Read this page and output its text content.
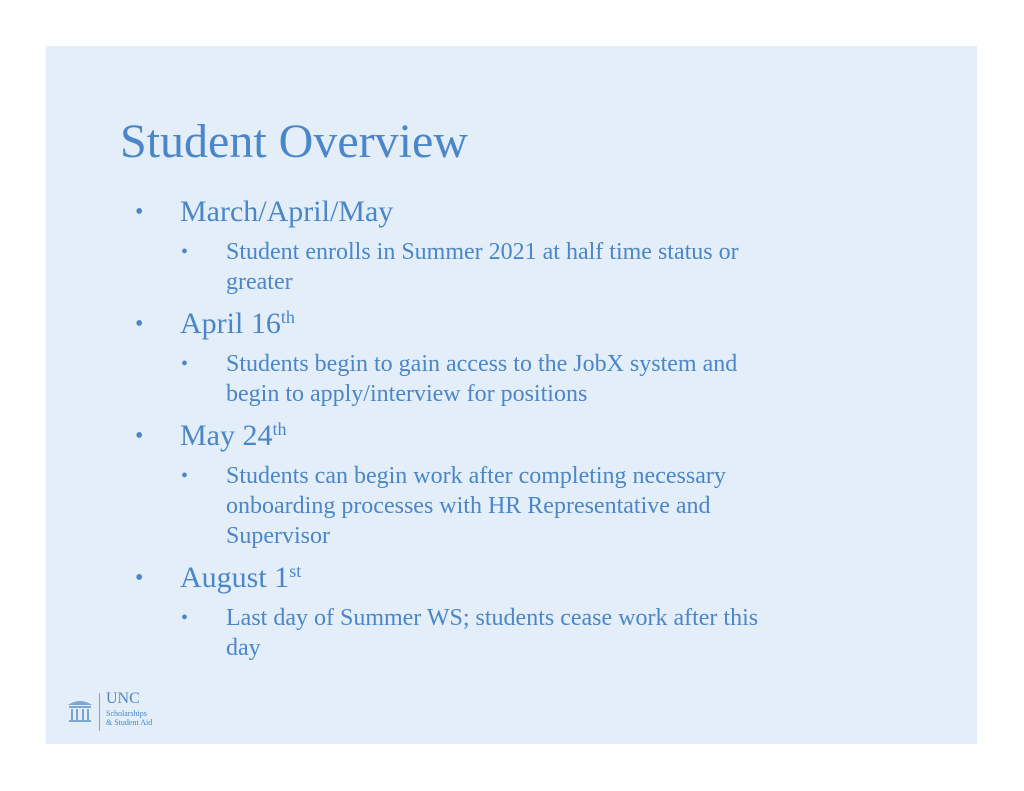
Student Overview
• March/April/May
• Student enrolls in Summer 2021 at half time status or
greater
• April 16th
• Students begin to gain access to the JobX system and
begin to apply/interview for positions
• May 24th
• Students can begin work after completing necessary
onboarding processes with HR Representative and
Supervisor
• August 1st
• Last day of Summer WS; students cease work after this
day
UNC
Scholarships
& Student Aid
